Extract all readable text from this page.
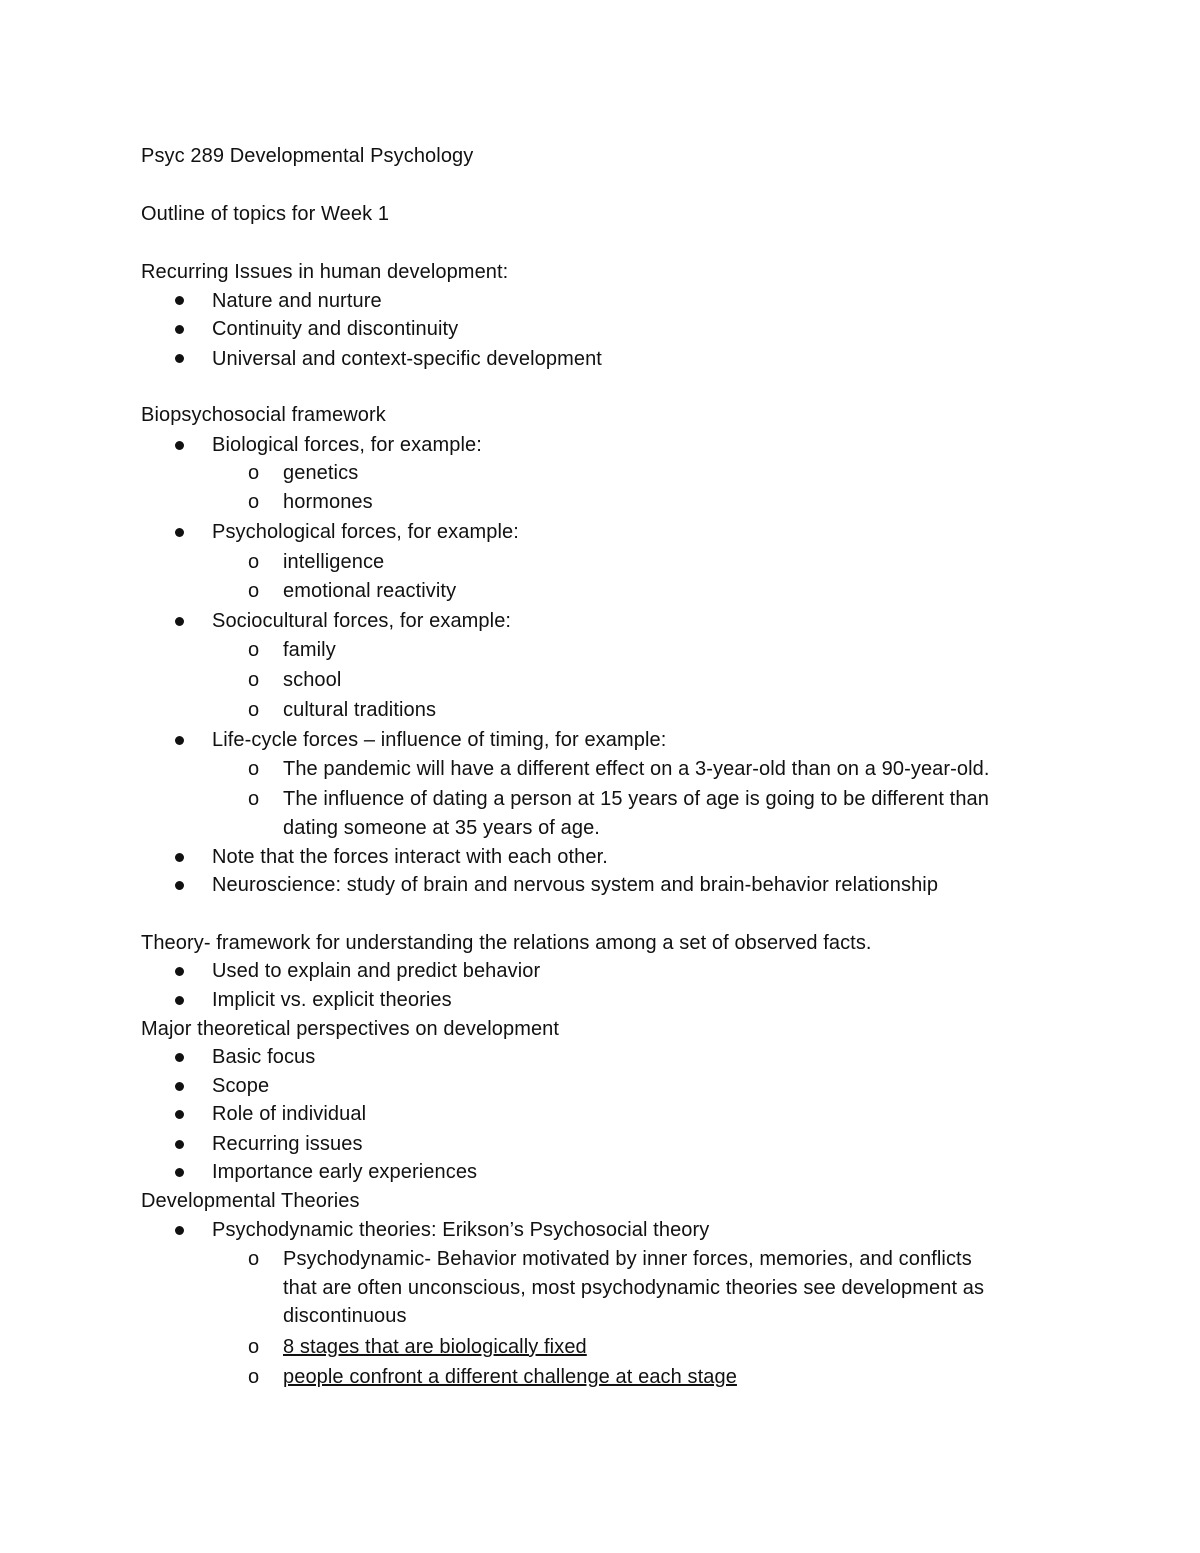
Psyc 289 Developmental Psychology
Outline of topics for Week 1
Recurring Issues in human development:
Nature and nurture
Continuity and discontinuity
Universal and context-specific development
Biopsychosocial framework
Biological forces, for example:
o genetics
o hormones
Psychological forces, for example:
o intelligence
o emotional reactivity
Sociocultural forces, for example:
o family
o school
o cultural traditions
Life-cycle forces – influence of timing, for example:
o The pandemic will have a different effect on a 3-year-old than on a 90-year-old.
o The influence of dating a person at 15 years of age is going to be different than
dating someone at 35 years of age.
Note that the forces interact with each other.
Neuroscience: study of brain and nervous system and brain-behavior relationship
Theory- framework for understanding the relations among a set of observed facts.
Used to explain and predict behavior
Implicit vs. explicit theories
Major theoretical perspectives on development
Basic focus
Scope
Role of individual
Recurring issues
Importance early experiences
Developmental Theories
Psychodynamic theories: Erikson’s Psychosocial theory
o Psychodynamic- Behavior motivated by inner forces, memories, and conflicts
that are often unconscious, most psychodynamic theories see development as
discontinuous
o 8 stages that are biologically fixed
o people confront a different challenge at each stage
